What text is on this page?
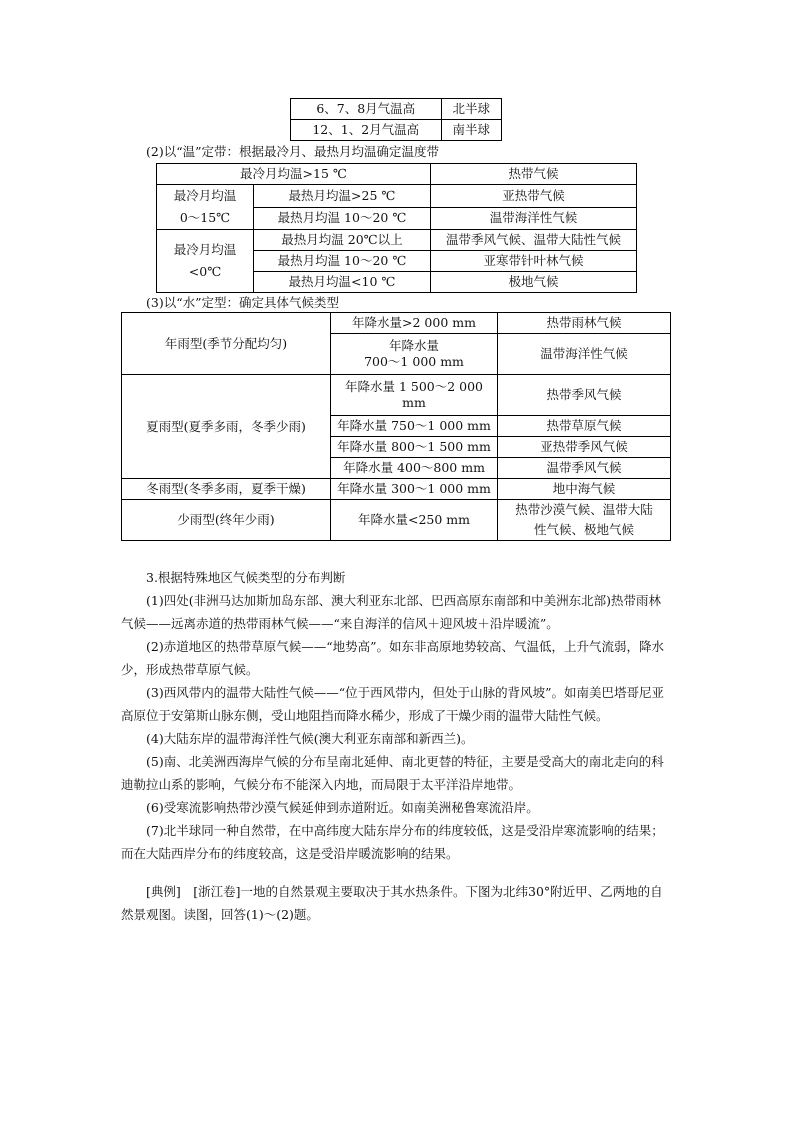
6、7、8月气温高	北半球
12、1、2月气温高	南半球
(2)以“温”定带：根据最冷月、最热月均温确定温度带
最冷月均温>15 ℃		热带气候
最冷月均温
0～15℃	最热月均温>25 ℃	亚热带气候
	最热月均温 10～20 ℃	温带海洋性气候
最冷月均温
<0℃	最热月均温 20℃以上	温带季风气候、温带大陆性气候
	最热月均温 10～20 ℃	亚寒带针叶林气候
	最热月均温<10 ℃	极地气候
(3)以“水”定型：确定具体气候类型
年雨型(季节分配均匀)	年降水量>2 000 mm	热带雨林气候
	年降水量
700～1 000 mm	温带海洋性气候
夏雨型(夏季多雨，冬季少雨)	年降水量 1 500～2 000
mm	热带季风气候
	年降水量 750～1 000 mm	热带草原气候
	年降水量 800～1 500 mm	亚热带季风气候
	年降水量 400～800 mm	温带季风气候
冬雨型(冬季多雨，夏季干燥)	年降水量 300～1 000 mm	地中海气候
少雨型(终年少雨)	年降水量<250 mm	热带沙漠气候、温带大陆
性气候、极地气候

3.根据特殊地区气候类型的分布判断

(1)四处(非洲马达加斯加岛东部、澳大利亚东北部、巴西高原东南部和中美洲东北部)热带雨林气候——远离赤道的热带雨林气候——“来自海洋的信风＋迎风坡＋沿岸暖流”。

(2)赤道地区的热带草原气候——“地势高”。如东非高原地势较高、气温低，上升气流弱，降水少，形成热带草原气候。

(3)西风带内的温带大陆性气候——“位于西风带内，但处于山脉的背风坡”。如南美巴塔哥尼亚高原位于安第斯山脉东侧，受山地阻挡而降水稀少，形成了干燥少雨的温带大陆性气候。

(4)大陆东岸的温带海洋性气候(澳大利亚东南部和新西兰)。

(5)南、北美洲西海岸气候的分布呈南北延伸、南北更替的特征，主要是受高大的南北走向的科迪勒拉山系的影响，气候分布不能深入内地，而局限于太平洋沿岸地带。

(6)受寒流影响热带沙漠气候延伸到赤道附近。如南美洲秘鲁寒流沿岸。

(7)北半球同一种自然带，在中高纬度大陆东岸分布的纬度较低，这是受沿岸寒流影响的结果；而在大陆西岸分布的纬度较高，这是受沿岸暖流影响的结果。

[典例]　[浙江卷]一地的自然景观主要取决于其水热条件。下图为北纬30°附近甲、乙两地的自然景观图。读图，回答(1)～(2)题。
